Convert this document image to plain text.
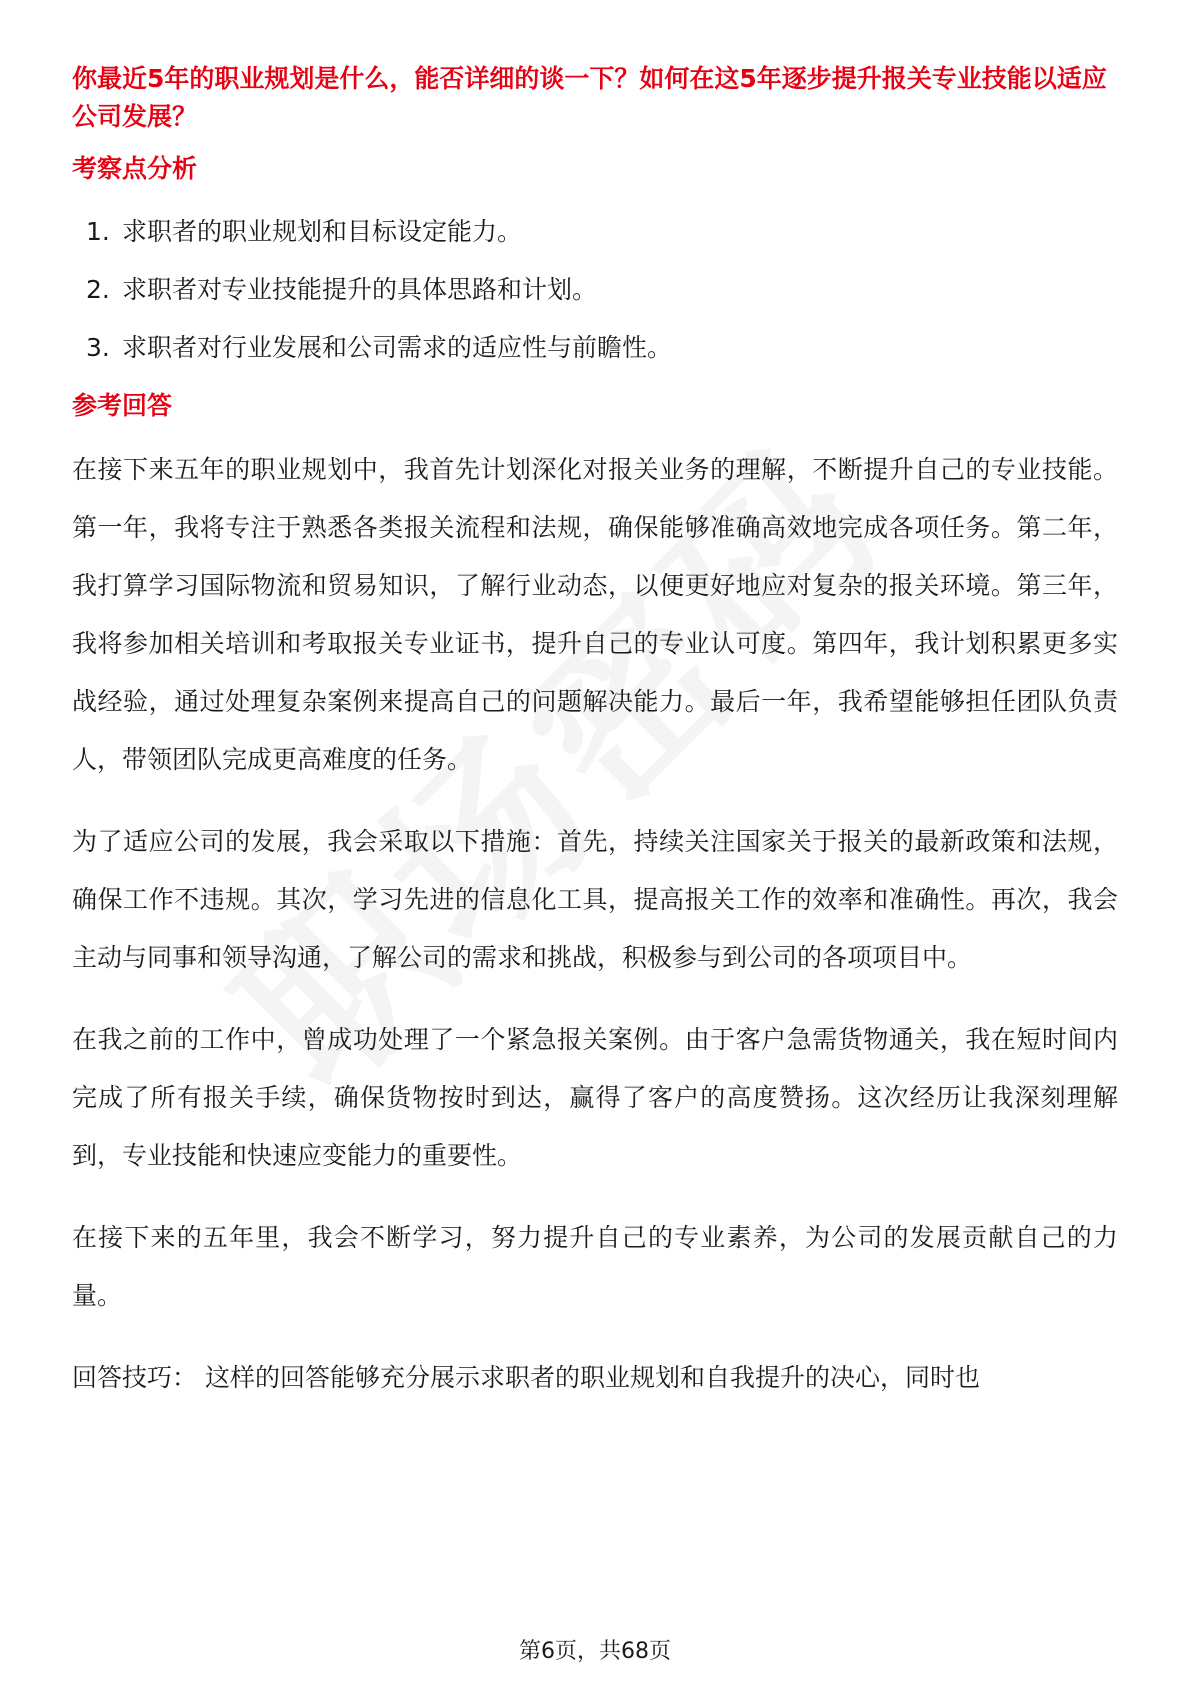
你最近5年的职业规划是什么，能否详细的谈一下？如何在这5年逐步提升报关专业技能以适应公司发展？

考察点分析
1. 求职者的职业规划和目标设定能力。
2. 求职者对专业技能提升的具体思路和计划。
3. 求职者对行业发展和公司需求的适应性与前瞻性。
参考回答

在接下来五年的职业规划中，我首先计划深化对报关业务的理解，不断提升自己的专业技能。第一年，我将专注于熟悉各类报关流程和法规，确保能够准确高效地完成各项任务。第二年，我打算学习国际物流和贸易知识，了解行业动态，以便更好地应对复杂的报关环境。第三年，我将参加相关培训和考取报关专业证书，提升自己的专业认可度。第四年，我计划积累更多实战经验，通过处理复杂案例来提高自己的问题解决能力。最后一年，我希望能够担任团队负责人，带领团队完成更高难度的任务。

为了适应公司的发展，我会采取以下措施：首先，持续关注国家关于报关的最新政策和法规，确保工作不违规。其次，学习先进的信息化工具，提高报关工作的效率和准确性。再次，我会主动与同事和领导沟通，了解公司的需求和挑战，积极参与到公司的各项项目中。

在我之前的工作中，曾成功处理了一个紧急报关案例。由于客户急需货物通关，我在短时间内完成了所有报关手续，确保货物按时到达，赢得了客户的高度赞扬。这次经历让我深刻理解到，专业技能和快速应变能力的重要性。

在接下来的五年里，我会不断学习，努力提升自己的专业素养，为公司的发展贡献自己的力量。

回答技巧： 这样的回答能够充分展示求职者的职业规划和自我提升的决心，同时也

第6页，共68页
